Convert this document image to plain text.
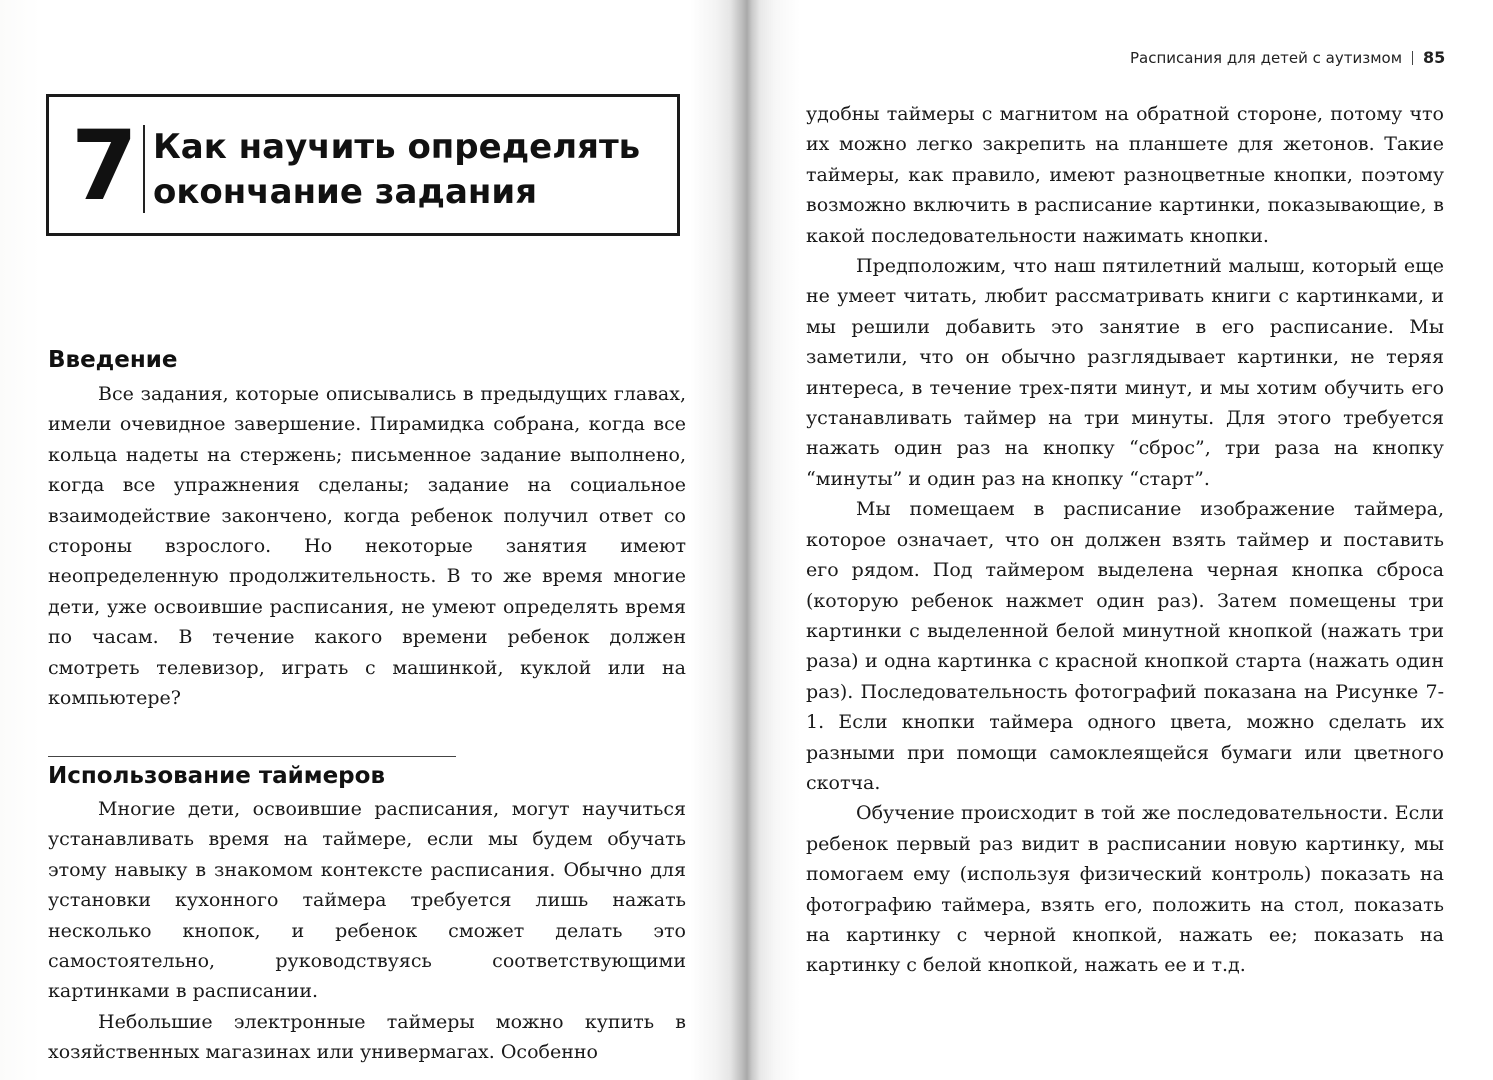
7 Как научить определять
окончание задания
Введение

Все задания, которые описывались в предыдущих главах, имели очевидное завершение. Пирамидка собрана, когда все кольца надеты на стержень; письменное задание выполнено, когда все упражнения сделаны; задание на социальное взаимодействие закончено, когда ребенок получил ответ со стороны взрослого. Но некоторые занятия имеют неопределенную продолжительность. В то же время многие дети, уже освоившие расписания, не умеют определять время по часам. В течение какого времени ребенок должен смотреть телевизор, играть с машинкой, куклой или на компьютере?

Использование таймеров

Многие дети, освоившие расписания, могут научиться устанавливать время на таймере, если мы будем обучать этому навыку в знакомом контексте расписания. Обычно для установки кухонного таймера требуется лишь нажать несколько кнопок, и ребенок сможет делать это самостоятельно, руководствуясь соответствующими картинками в расписании.

Небольшие электронные таймеры можно купить в хозяйственных магазинах или универмагах. Особенно

Расписания для детей с аутизмом 85

удобны таймеры с магнитом на обратной стороне, потому что их можно легко закрепить на планшете для жетонов. Такие таймеры, как правило, имеют разноцветные кнопки, поэтому возможно включить в расписание картинки, показывающие, в какой последовательности нажимать кнопки.

Предположим, что наш пятилетний малыш, который еще не умеет читать, любит рассматривать книги с картинками, и мы решили добавить это занятие в его расписание. Мы заметили, что он обычно разглядывает картинки, не теряя интереса, в течение трех-пяти минут, и мы хотим обучить его устанавливать таймер на три минуты. Для этого требуется нажать один раз на кнопку “сброс”, три раза на кнопку “минуты” и один раз на кнопку “старт”.

Мы помещаем в расписание изображение таймера, которое означает, что он должен взять таймер и поставить его рядом. Под таймером выделена черная кнопка сброса (которую ребенок нажмет один раз). Затем помещены три картинки с выделенной белой минутной кнопкой (нажать три раза) и одна картинка с красной кнопкой старта (нажать один раз). Последовательность фотографий показана на Рисунке 7-1. Если кнопки таймера одного цвета, можно сделать их разными при помощи самоклеящейся бумаги или цветного скотча.

Обучение происходит в той же последовательности. Если ребенок первый раз видит в расписании новую картинку, мы помогаем ему (используя физический контроль) показать на фотографию таймера, взять его, положить на стол, показать на картинку с черной кнопкой, нажать ее; показать на картинку с белой кнопкой, нажать ее и т.д.
